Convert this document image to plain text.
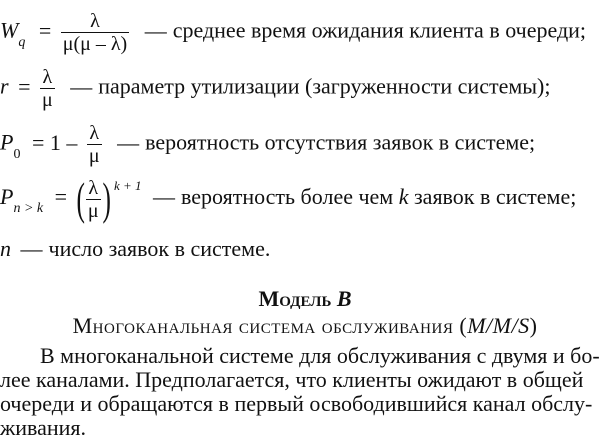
$W_q = \frac{\lambda}{\mu(\mu - \lambda)}$ — среднее время ожидания клиента в очереди;
$r = \frac{\lambda}{\mu}$ — параметр утилизации (загруженности системы);
$P_0 = 1 - \frac{\lambda}{\mu}$ — вероятность отсутствия заявок в системе;
$P_{n > k}$ = ( $\frac{\lambda}{\mu}$ ) $^{k + 1}$ — вероятность более чем k заявок в системе;
n — число заявок в системе.
Модель B
Многоканальная система обслуживания (M/M/S)
В многоканальной системе для обслуживания с двумя и бо-
лее каналами. Предполагается, что клиенты ожидают в общей
очереди и обращаются в первый освободившийся канал обслу-
живания.
